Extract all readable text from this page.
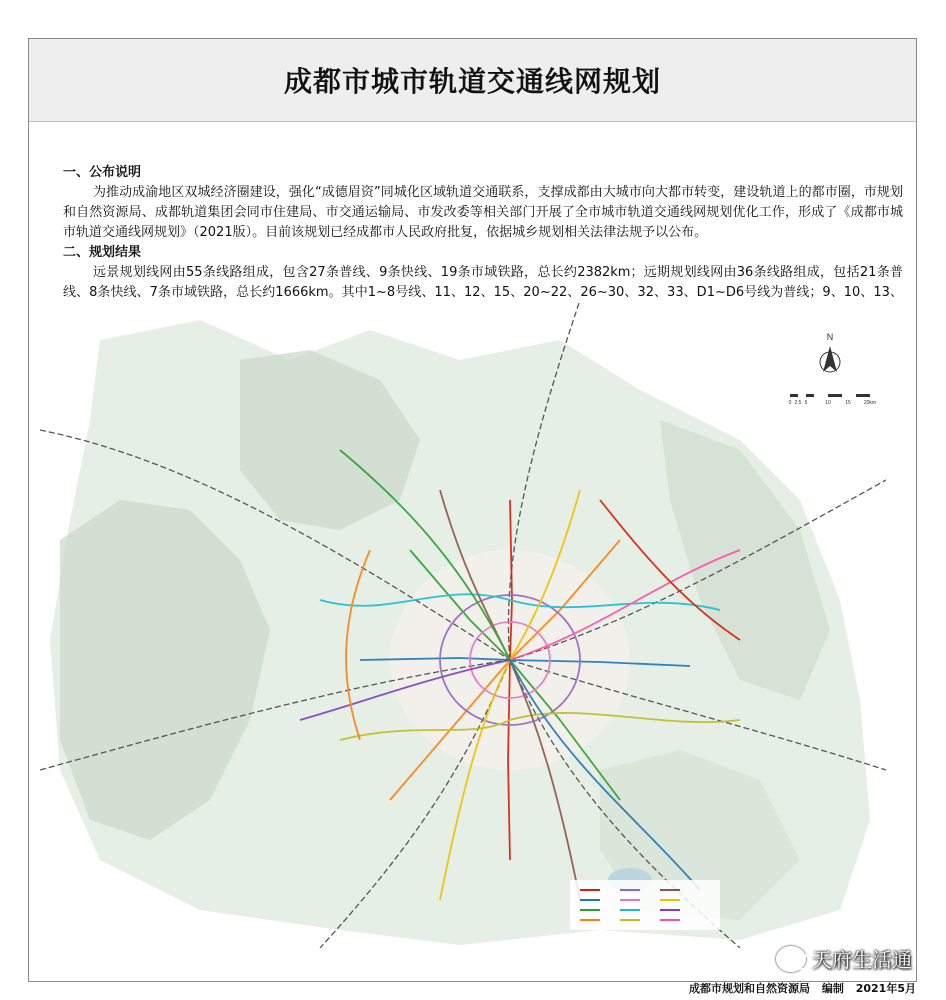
成都市城市轨道交通线网规划

一、公布说明

为推动成渝地区双城经济圈建设，强化“成德眉资”同城化区域轨道交通联系，支撑成都由大城市向大都市转变，建设轨道上的都市圈，市规划和自然资源局、成都轨道集团会同市住建局、市交通运输局、市发改委等相关部门开展了全市城市轨道交通线网规划优化工作，形成了《成都市城市轨道交通线网规划》（2021版）。目前该规划已经成都市人民政府批复，依据城乡规划相关法律法规予以公布。

二、规划结果

远景规划线网由55条线路组成，包含27条普线、9条快线、19条市域铁路，总长约2382km；远期规划线网由36条线路组成，包括21条普线、8条快线、7条市域铁路，总长约1666km。其中1~8号线、11、12、15、20~22、26~30、32、33、D1~D6号线为普线；9、10、13、

N
0 2.5 5	10	15	20km
天府生活通
成都市规划和自然资源局 编制 2021年5月
